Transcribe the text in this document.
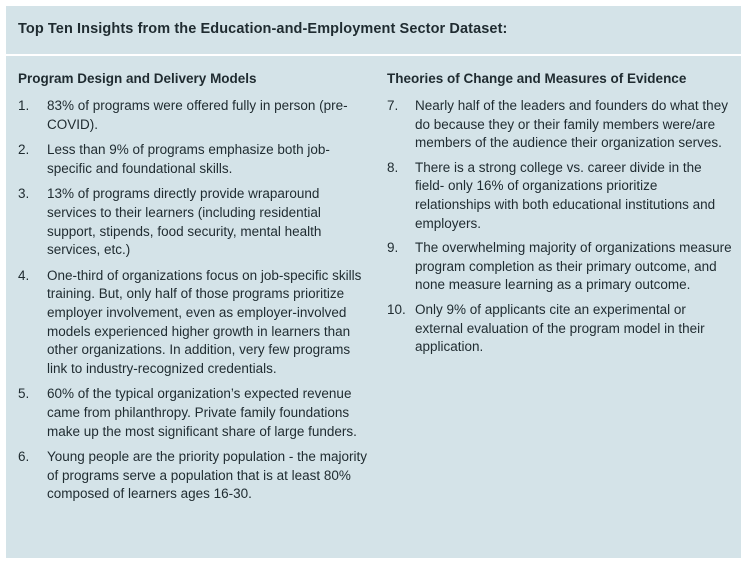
Top Ten Insights from the Education-and-Employment Sector Dataset:
Program Design and Delivery Models
1. 83% of programs were offered fully in person (pre-COVID).
2. Less than 9% of programs emphasize both job-specific and foundational skills.
3. 13% of programs directly provide wraparound services to their learners (including residential support, stipends, food security, mental health services, etc.)
4. One-third of organizations focus on job-specific skills training. But, only half of those programs prioritize employer involvement, even as employer-involved models experienced higher growth in learners than other organizations. In addition, very few programs link to industry-recognized credentials.
5. 60% of the typical organization’s expected revenue came from philanthropy. Private family foundations make up the most significant share of large funders.
6. Young people are the priority population - the majority of programs serve a population that is at least 80% composed of learners ages 16-30.
Theories of Change and Measures of Evidence
7. Nearly half of the leaders and founders do what they do because they or their family members were/are members of the audience their organization serves.
8. There is a strong college vs. career divide in the field- only 16% of organizations prioritize relationships with both educational institutions and employers.
9. The overwhelming majority of organizations measure program completion as their primary outcome, and none measure learning as a primary outcome.
10. Only 9% of applicants cite an experimental or external evaluation of the program model in their application.
